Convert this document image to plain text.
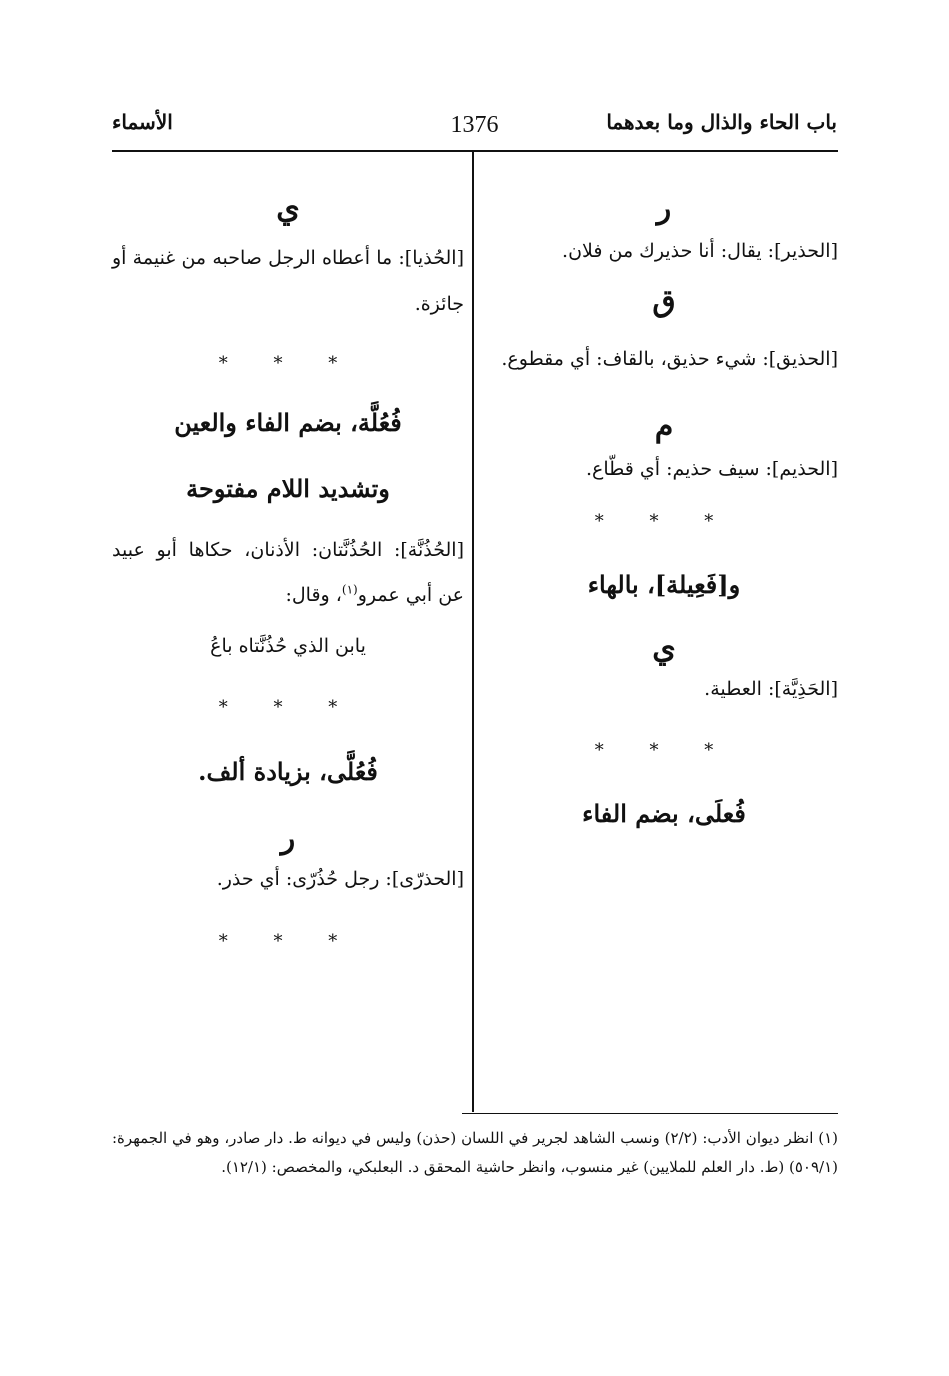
باب الحاء والذال وما بعدهما
1376
الأسماء
ر
[الحذير]: يقال: أنا حذيرك من فلان.
ق
[الحذيق]: شيء حذيق، بالقاف: أي مقطوع.
م
[الحذيم]: سيف حذيم: أي قطّاع.
* * *
و[فَعِيلة]، بالهاء
ي
[الحَذِيَّة]: العطية.
* * *
فُعلَى، بضم الفاء
ي
[الحُذيا]: ما أعطاه الرجل صاحبه من غنيمة أو جائزة.
* * *
فُعُلَّة، بضم الفاء والعين
وتشديد اللام مفتوحة
[الحُذُنَّة]: الحُذُنَّتان: الأذنان، حكاها أبو عبيد عن أبي عمرو$^{(١)}$، وقال:
يابن الذي حُذُنَّتاه باعُ
* * *
فُعُلَّى، بزيادة ألف.
ر
[الحذرّى]: رجل حُذُرّى: أي حذر.
* * *
(١) انظر ديوان الأدب: (٢/٢) ونسب الشاهد لجرير في اللسان (حذن) وليس في ديوانه ط. دار صادر، وهو في الجمهرة: (٥٠٩/١) (ط. دار العلم للملايين) غير منسوب، وانظر حاشية المحقق د. البعلبكي، والمخصص: (١٢/١).
